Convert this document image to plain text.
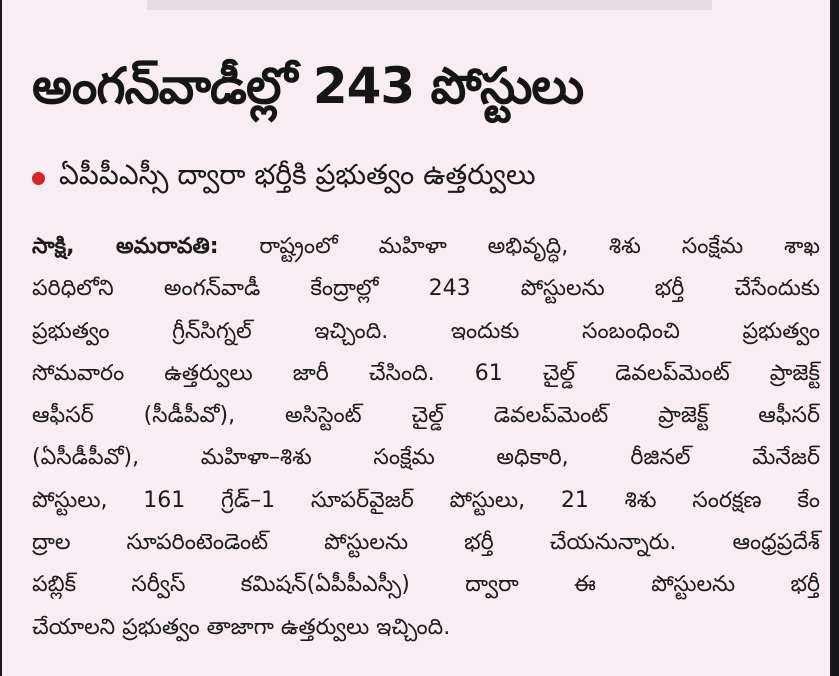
అంగన్‌వాడీల్లో 243 పోస్టులు
ఏపీపీఎస్సీ ద్వారా భర్తీకి ప్రభుత్వం ఉత్తర్వులు
సాక్షి, అమరావతి: రాష్ట్రంలో మహిళా అభివృద్ధి, శిశు సంక్షేమ శాఖ
పరిధిలోని అంగన్‌వాడీ కేంద్రాల్లో 243 పోస్టులను భర్తీ చేసేందుకు
ప్రభుత్వం గ్రీన్‌సిగ్నల్ ఇచ్చింది. ఇందుకు సంబంధించి ప్రభుత్వం
సోమవారం ఉత్తర్వులు జారీ చేసింది. 61 చైల్డ్ డెవలప్‌మెంట్ ప్రాజెక్ట్
ఆఫీసర్ (సీడీపీవో), అసిస్టెంట్ చైల్డ్ డెవలప్‌మెంట్ ప్రాజెక్ట్ ఆఫీసర్
(ఏసీడీపీవో), మహిళా–శిశు సంక్షేమ అధికారి, రీజినల్ మేనేజర్
పోస్టులు, 161 గ్రేడ్–1 సూపర్‌వైజర్ పోస్టులు, 21 శిశు సంరక్షణ కేం
ద్రాల సూపరింటెండెంట్ పోస్టులను భర్తీ చేయనున్నారు. ఆంధ్రప్రదేశ్
పబ్లిక్ సర్వీస్ కమిషన్(ఏపీపీఎస్సీ) ద్వారా ఈ పోస్టులను భర్తీ
చేయాలని ప్రభుత్వం తాజాగా ఉత్తర్వులు ఇచ్చింది.
